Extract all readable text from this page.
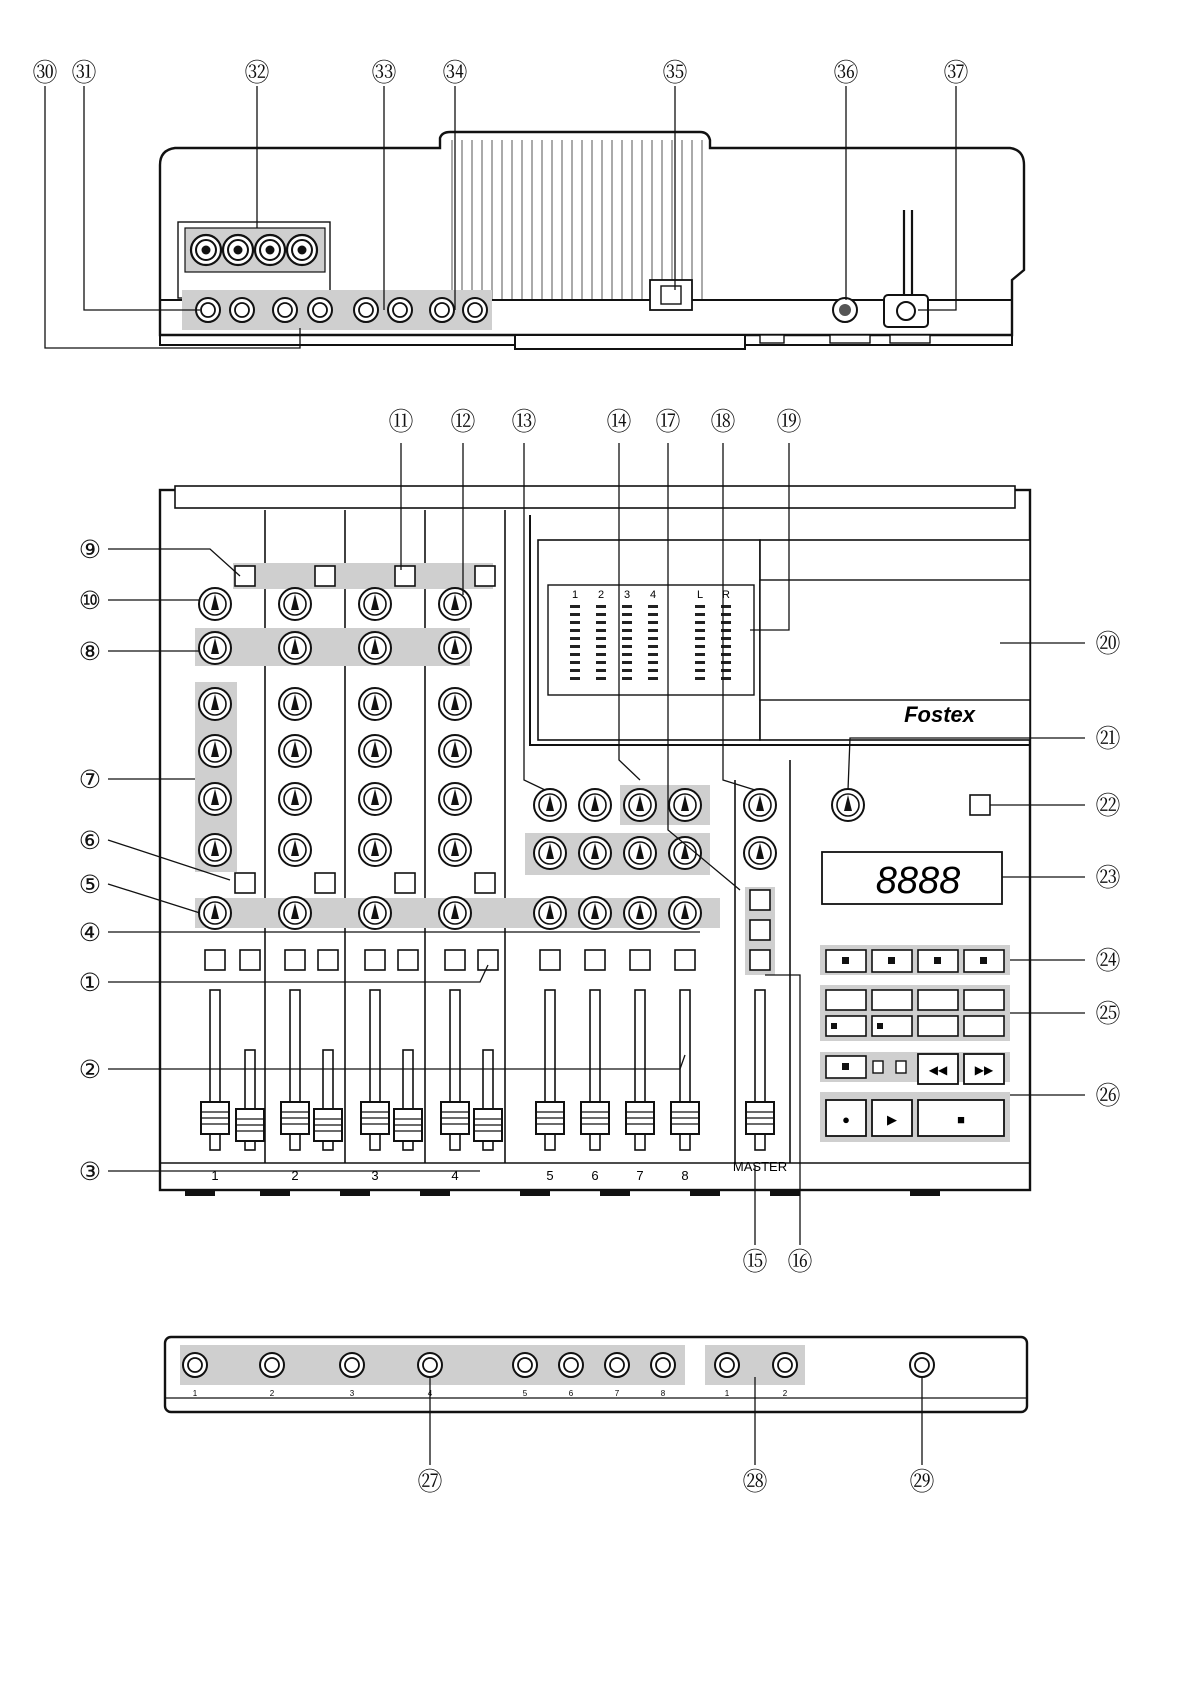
1 2 3 4	L R
Fostex
1	2	3	4	5	6	7	8
MASTER
8888
◀◀ ▶▶
●	▶	■
1	2	3	4	5	6	7	8	1	2
㉚ ㉛	㉜	㉝ ㉞	㉟	㊱	㊲
⑪ ⑫ ⑬	⑭ ⑰ ⑱ ⑲
⑨
⑩
⑧
⑦
⑥
⑤
④
①
②
③
⑳
㉑
㉒
㉓
㉔
㉕
㉖
⑮ ⑯
㉗	㉘	㉙
